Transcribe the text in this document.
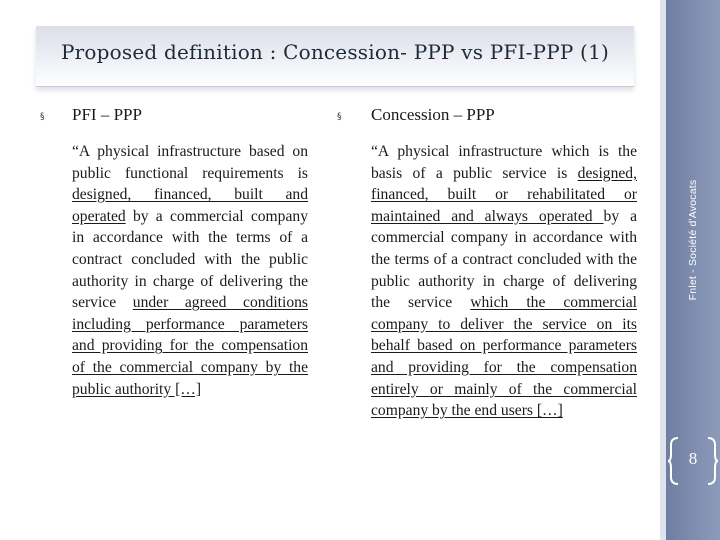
Proposed definition : Concession- PPP vs PFI-PPP (1)
Fnlet - Société d'Avocats
8
§ PFI – PPP
“A physical infrastructure based on public functional requirements is designed, financed, built and operated by a commercial company in accordance with the terms of a contract concluded with the public authority in charge of delivering the service under agreed conditions including performance parameters and providing for the compensation of the commercial company by the public authority […]
§ Concession – PPP
“A physical infrastructure which is the basis of a public service is designed, financed, built or rehabilitated or maintained and always operated by a commercial company in accordance with the terms of a contract concluded with the public authority in charge of delivering the service which the commercial company to deliver the service on its behalf based on performance parameters and providing for the compensation entirely or mainly of the commercial company by the end users […]
